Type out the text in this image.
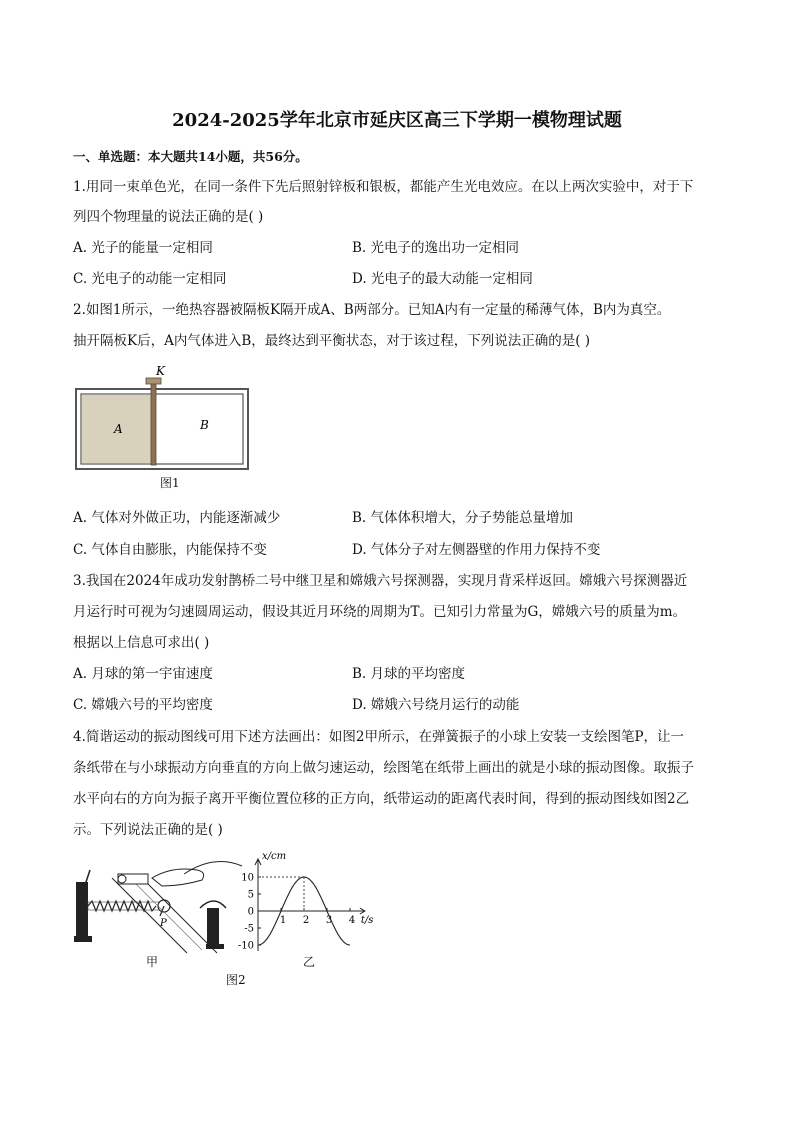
2024-2025学年北京市延庆区高三下学期一模物理试题
一、单选题：本大题共14小题，共56分。
1.用同一束单色光，在同一条件下先后照射锌板和银板，都能产生光电效应。在以上两次实验中，对于下
列四个物理量的说法正确的是( )
A. 光子的能量一定相同	B. 光电子的逸出功一定相同
C. 光电子的动能一定相同	D. 光电子的最大动能一定相同
2.如图1所示，一绝热容器被隔板K隔开成A、B两部分。已知A内有一定量的稀薄气体，B内为真空。
抽开隔板K后，A内气体进入B，最终达到平衡状态，对于该过程，下列说法正确的是( )
K
A	B
图1
A. 气体对外做正功，内能逐渐减少	B. 气体体积增大，分子势能总量增加
C. 气体自由膨胀，内能保持不变	D. 气体分子对左侧器壁的作用力保持不变
3.我国在2024年成功发射鹊桥二号中继卫星和嫦娥六号探测器，实现月背采样返回。嫦娥六号探测器近
月运行时可视为匀速圆周运动，假设其近月环绕的周期为T。已知引力常量为G，嫦娥六号的质量为m。
根据以上信息可求出( )
A. 月球的第一宇宙速度	B. 月球的平均密度
C. 嫦娥六号的平均密度	D. 嫦娥六号绕月运行的动能
4.简谐运动的振动图线可用下述方法画出：如图2甲所示，在弹簧振子的小球上安装一支绘图笔P，让一
条纸带在与小球振动方向垂直的方向上做匀速运动，绘图笔在纸带上画出的就是小球的振动图像。取振子
水平向右的方向为振子离开平衡位置位移的正方向，纸带运动的距离代表时间，得到的振动图线如图2乙
示。下列说法正确的是( )
P
甲
x/cm
t/s
10
5
0
-5
-10
1 2 3 4
乙
图2
